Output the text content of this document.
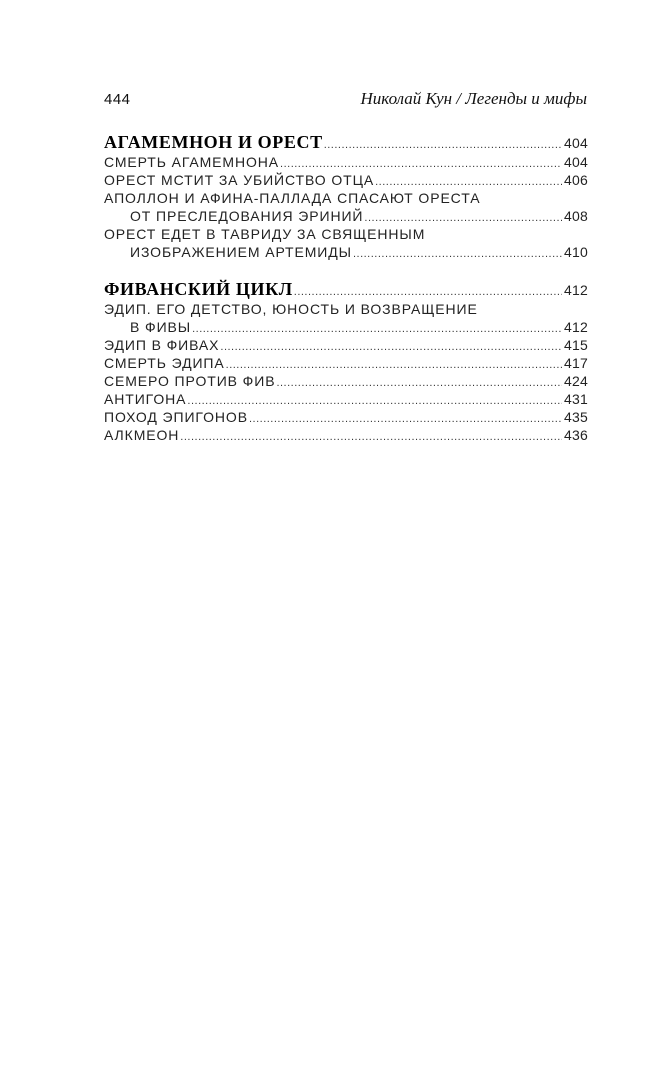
444	Николай Кун / Легенды и мифы
АГАМЕМНОН И ОРЕСТ .....	404
СМЕРТЬ АГАМЕМНОНА .....	404
ОРЕСТ МСТИТ ЗА УБИЙСТВО ОТЦА .....	406
АПОЛЛОН И АФИНА-ПАЛЛАДА СПАСАЮТ ОРЕСТА
ОТ ПРЕСЛЕДОВАНИЯ ЭРИНИЙ .....	408
ОРЕСТ ЕДЕТ В ТАВРИДУ ЗА СВЯЩЕННЫМ
ИЗОБРАЖЕНИЕМ АРТЕМИДЫ .....	410
ФИВАНСКИЙ ЦИКЛ .....	412
ЭДИП. ЕГО ДЕТСТВО, ЮНОСТЬ И ВОЗВРАЩЕНИЕ
В ФИВЫ .....	412
ЭДИП В ФИВАХ .....	415
СМЕРТЬ ЭДИПА .....	417
СЕМЕРО ПРОТИВ ФИВ .....	424
АНТИГОНА .....	431
ПОХОД ЭПИГОНОВ .....	435
АЛКМЕОН .....	436
